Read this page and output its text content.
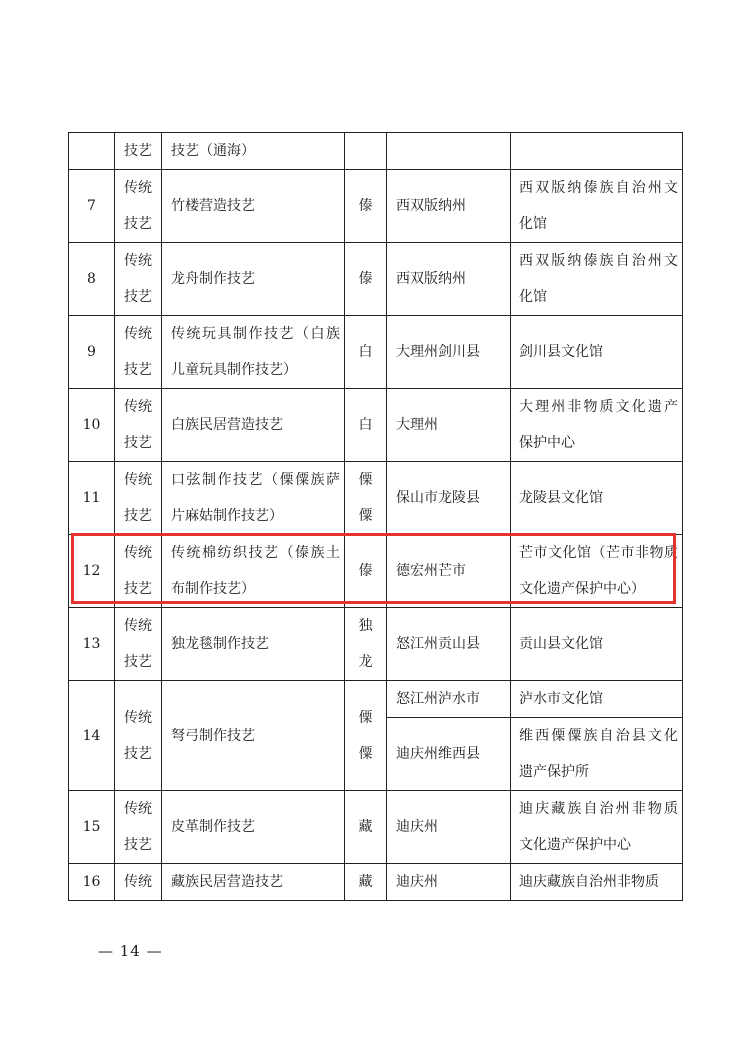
	技艺	技艺（通海）			

7	传统
技艺	竹楼营造技艺	傣	西双版纳州	西双版纳傣族自治州文
化馆

8	传统
技艺	龙舟制作技艺	傣	西双版纳州	西双版纳傣族自治州文
化馆

9	传统
技艺	传统玩具制作技艺（白族
儿童玩具制作技艺）	白	大理州剑川县	剑川县文化馆

10	传统
技艺	白族民居营造技艺	白	大理州	大理州非物质文化遗产
保护中心

11	传统
技艺	口弦制作技艺（傈僳族萨
片麻姑制作技艺）	傈
僳	保山市龙陵县	龙陵县文化馆

12	传统
技艺	传统棉纺织技艺（傣族土
布制作技艺）	傣	德宏州芒市	芒市文化馆（芒市非物质
文化遗产保护中心）

13	传统
技艺	独龙毯制作技艺	独
龙	怒江州贡山县	贡山县文化馆

14	传统
技艺	弩弓制作技艺	傈
僳	怒江州泸水市	泸水市文化馆

				迪庆州维西县	维西傈僳族自治县文化
遗产保护所

15	传统
技艺	皮革制作技艺	藏	迪庆州	迪庆藏族自治州非物质
文化遗产保护中心

16	传统	藏族民居营造技艺	藏	迪庆州	迪庆藏族自治州非物质
— 14 —
